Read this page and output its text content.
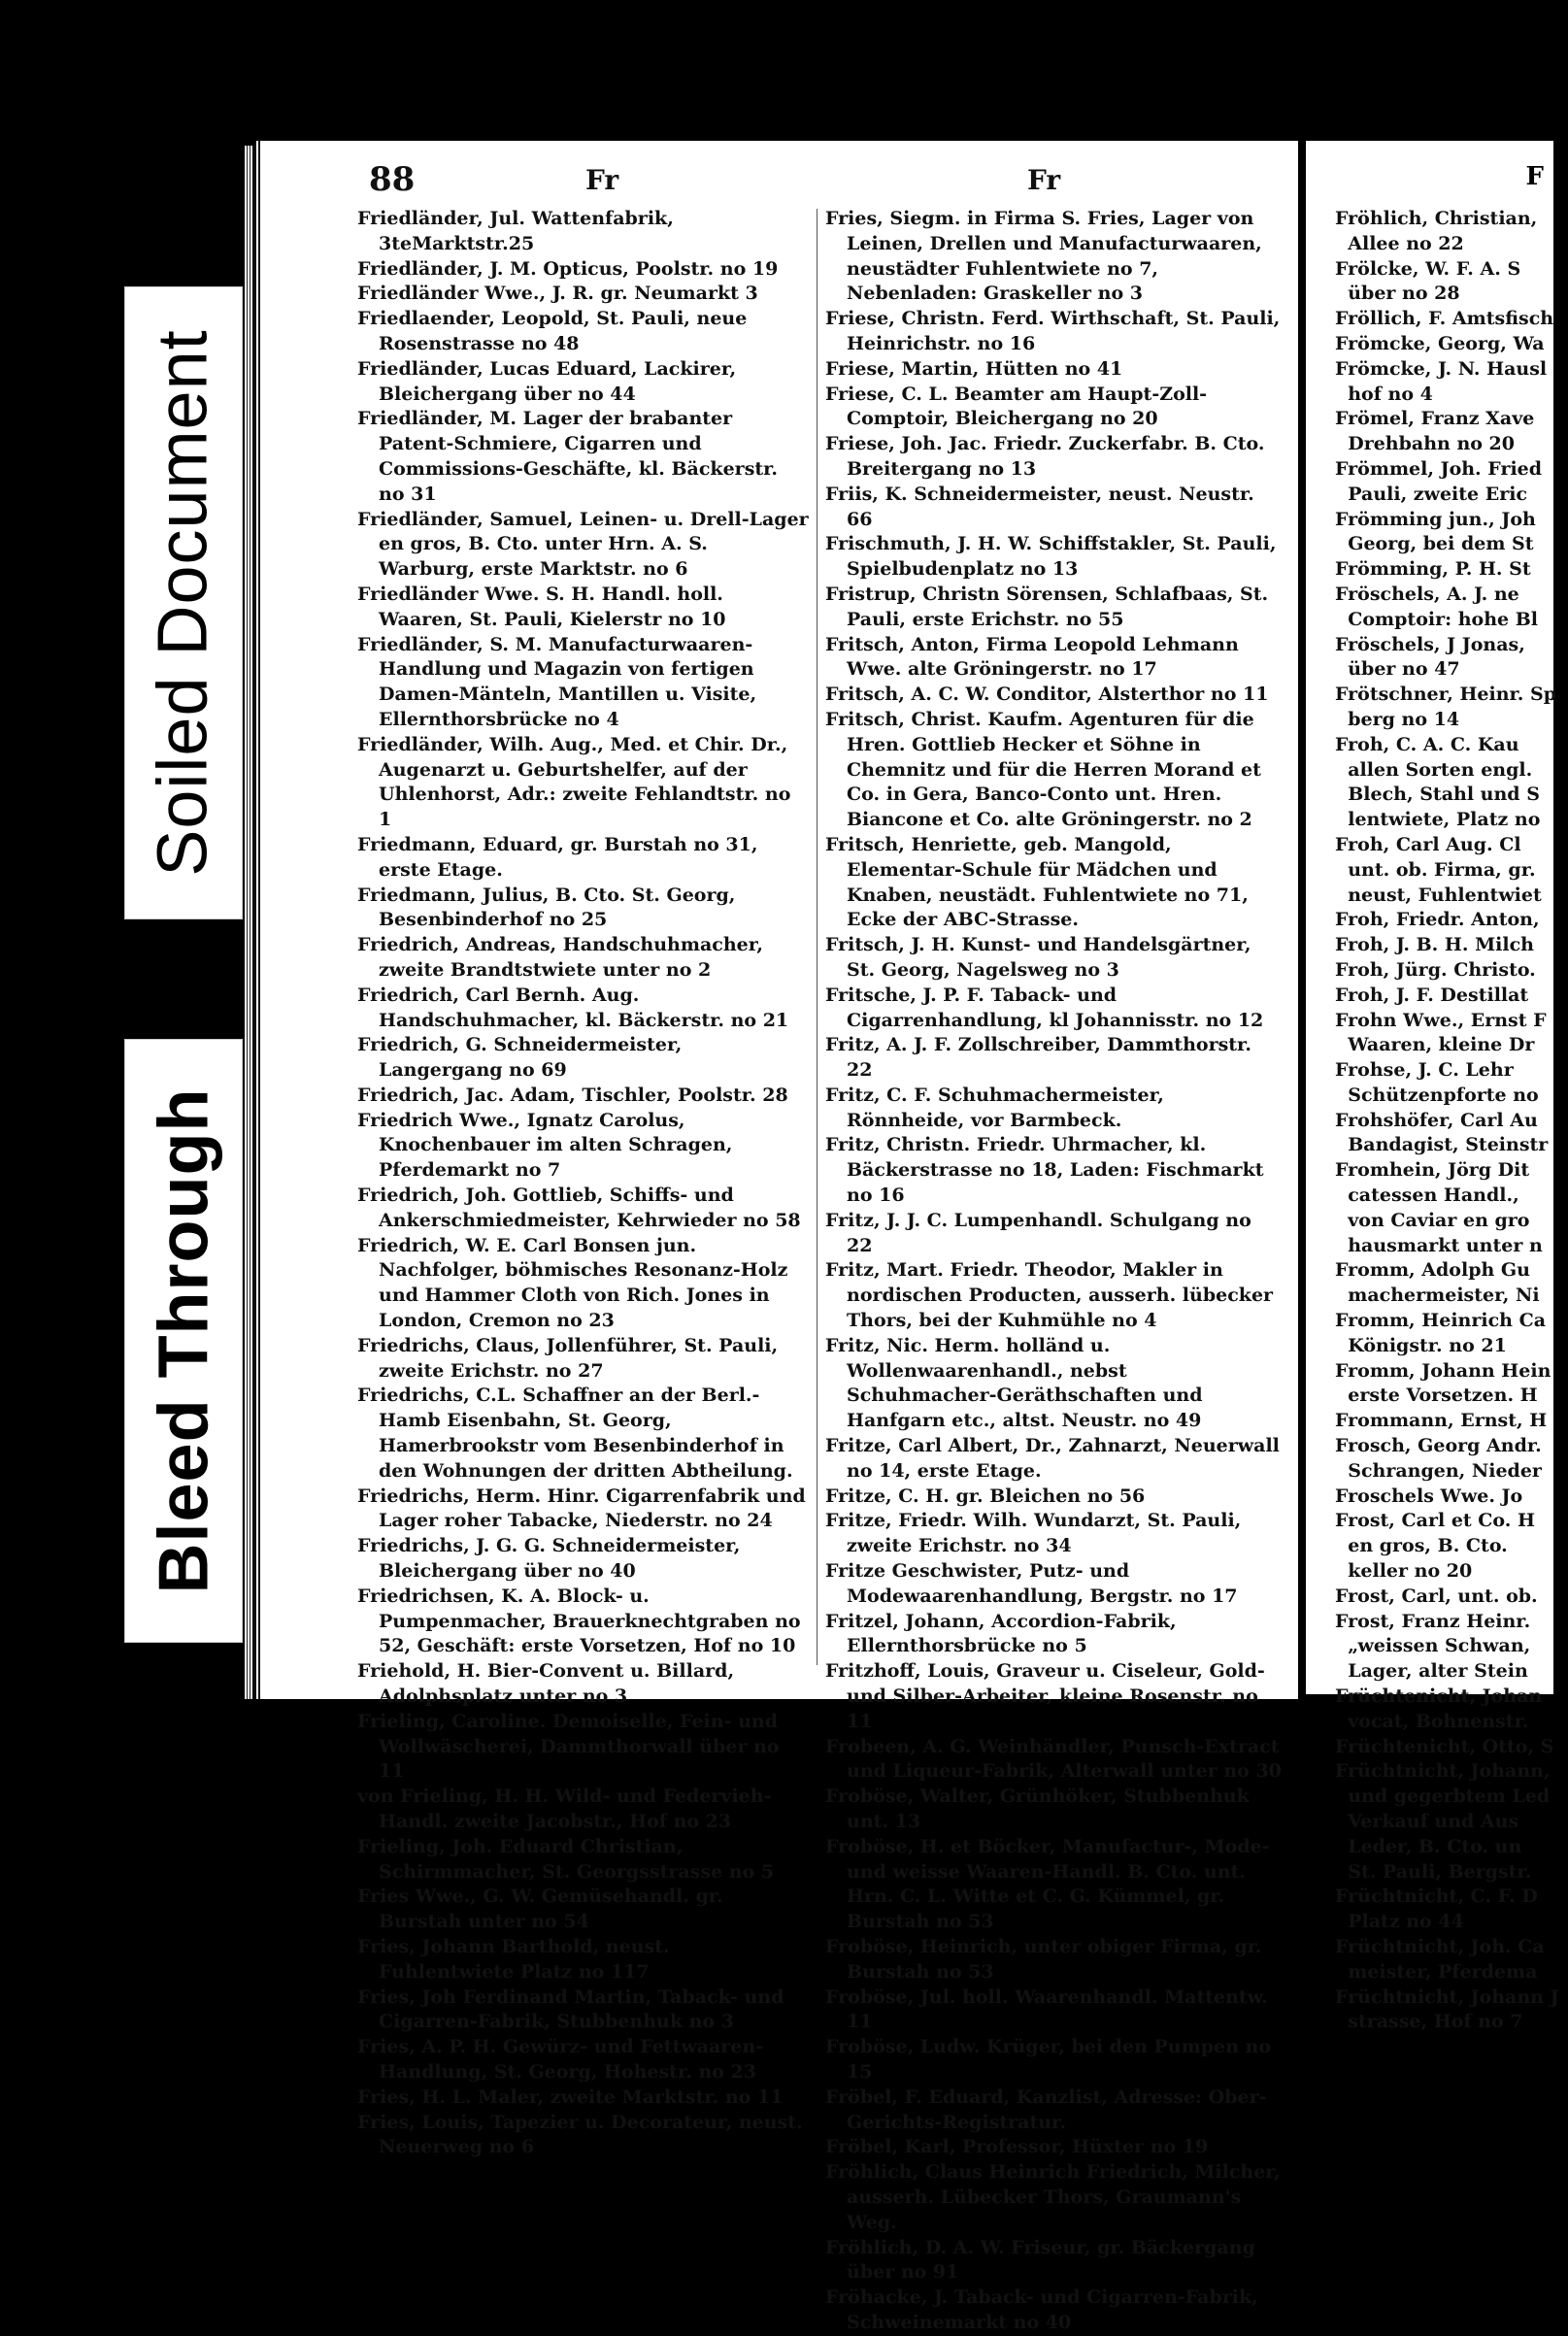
Soiled Document
Bleed Through
88	Fr	Fr

Friedländer, Jul. Wattenfabrik, 3teMarktstr.25

Friedländer, J. M. Opticus, Poolstr. no 19

Friedländer Wwe., J. R. gr. Neumarkt 3

Friedlaender, Leopold, St. Pauli, neue Rosenstrasse no 48

Friedländer, Lucas Eduard, Lackirer, Bleichergang über no 44

Friedländer, M. Lager der brabanter Patent-Schmiere, Cigarren und Commissions-Geschäfte, kl. Bäckerstr. no 31

Friedländer, Samuel, Leinen- u. Drell-Lager en gros, B. Cto. unter Hrn. A. S. Warburg, erste Marktstr. no 6

Friedländer Wwe. S. H. Handl. holl. Waaren, St. Pauli, Kielerstr no 10

Friedländer, S. M. Manufacturwaaren-Handlung und Magazin von fertigen Damen-Mänteln, Mantillen u. Visite, Ellernthorsbrücke no 4

Friedländer, Wilh. Aug., Med. et Chir. Dr., Augenarzt u. Geburtshelfer, auf der Uhlenhorst, Adr.: zweite Fehlandtstr. no 1

Friedmann, Eduard, gr. Burstah no 31, erste Etage.

Friedmann, Julius, B. Cto. St. Georg, Besenbinderhof no 25

Friedrich, Andreas, Handschuhmacher, zweite Brandtstwiete unter no 2

Friedrich, Carl Bernh. Aug. Handschuhmacher, kl. Bäckerstr. no 21

Friedrich, G. Schneidermeister, Langergang no 69

Friedrich, Jac. Adam, Tischler, Poolstr. 28

Friedrich Wwe., Ignatz Carolus, Knochenbauer im alten Schragen, Pferdemarkt no 7

Friedrich, Joh. Gottlieb, Schiffs- und Ankerschmiedmeister, Kehrwieder no 58

Friedrich, W. E. Carl Bonsen jun. Nachfolger, böhmisches Resonanz-Holz und Hammer Cloth von Rich. Jones in London, Cremon no 23

Friedrichs, Claus, Jollenführer, St. Pauli, zweite Erichstr. no 27

Friedrichs, C.L. Schaffner an der Berl.-Hamb Eisenbahn, St. Georg, Hamerbrookstr vom Besenbinderhof in den Wohnungen der dritten Abtheilung.

Friedrichs, Herm. Hinr. Cigarrenfabrik und Lager roher Tabacke, Niederstr. no 24

Friedrichs, J. G. G. Schneidermeister, Bleichergang über no 40

Friedrichsen, K. A. Block- u. Pumpenmacher, Brauerknechtgraben no 52, Geschäft: erste Vorsetzen, Hof no 10

Friehold, H. Bier-Convent u. Billard, Adolphsplatz unter no 3

Frieling, Caroline. Demoiselle, Fein- und Wollwäscherei, Dammthorwall über no 11

von Frieling, H. H. Wild- und Federvieh-Handl. zweite Jacobstr., Hof no 23

Frieling, Joh. Eduard Christian, Schirmmacher, St. Georgsstrasse no 5

Fries Wwe., G. W. Gemüsehandl. gr. Burstah unter no 54

Fries, Johann Barthold, neust. Fuhlentwiete Platz no 117

Fries, Joh Ferdinand Martin, Taback- und Cigarren-Fabrik, Stubbenhuk no 3

Fries, A. P. H. Gewürz- und Fettwaaren-Handlung, St. Georg, Hohestr. no 23

Fries, H. L. Maler, zweite Marktstr. no 11

Fries, Louis, Tapezier u. Decorateur, neust. Neuerweg no 6

Fries, Siegm. in Firma S. Fries, Lager von Leinen, Drellen und Manufacturwaaren, neustädter Fuhlentwiete no 7, Nebenladen: Graskeller no 3

Friese, Christn. Ferd. Wirthschaft, St. Pauli, Heinrichstr. no 16

Friese, Martin, Hütten no 41

Friese, C. L. Beamter am Haupt-Zoll-Comptoir, Bleichergang no 20

Friese, Joh. Jac. Friedr. Zuckerfabr. B. Cto. Breitergang no 13

Friis, K. Schneidermeister, neust. Neustr. 66

Frischmuth, J. H. W. Schiffstakler, St. Pauli, Spielbudenplatz no 13

Fristrup, Christn Sörensen, Schlafbaas, St. Pauli, erste Erichstr. no 55

Fritsch, Anton, Firma Leopold Lehmann Wwe. alte Gröningerstr. no 17

Fritsch, A. C. W. Conditor, Alsterthor no 11

Fritsch, Christ. Kaufm. Agenturen für die Hren. Gottlieb Hecker et Söhne in Chemnitz und für die Herren Morand et Co. in Gera, Banco-Conto unt. Hren. Biancone et Co. alte Gröningerstr. no 2

Fritsch, Henriette, geb. Mangold, Elementar-Schule für Mädchen und Knaben, neustädt. Fuhlentwiete no 71, Ecke der ABC-Strasse.

Fritsch, J. H. Kunst- und Handelsgärtner, St. Georg, Nagelsweg no 3

Fritsche, J. P. F. Taback- und Cigarrenhandlung, kl Johannisstr. no 12

Fritz, A. J. F. Zollschreiber, Dammthorstr. 22

Fritz, C. F. Schuhmachermeister, Rönnheide, vor Barmbeck.

Fritz, Christn. Friedr. Uhrmacher, kl. Bäckerstrasse no 18, Laden: Fischmarkt no 16

Fritz, J. J. C. Lumpenhandl. Schulgang no 22

Fritz, Mart. Friedr. Theodor, Makler in nordischen Producten, ausserh. lübecker Thors, bei der Kuhmühle no 4

Fritz, Nic. Herm. holländ u. Wollenwaarenhandl., nebst Schuhmacher-Geräthschaften und Hanfgarn etc., altst. Neustr. no 49

Fritze, Carl Albert, Dr., Zahnarzt, Neuerwall no 14, erste Etage.

Fritze, C. H. gr. Bleichen no 56

Fritze, Friedr. Wilh. Wundarzt, St. Pauli, zweite Erichstr. no 34

Fritze Geschwister, Putz- und Modewaarenhandlung, Bergstr. no 17

Fritzel, Johann, Accordion-Fabrik, Ellernthorsbrücke no 5

Fritzhoff, Louis, Graveur u. Ciseleur, Gold- und Silber-Arbeiter, kleine Rosenstr. no 11

Frobeen, A. G. Weinhändler, Punsch-Extract und Liqueur-Fabrik, Alterwall unter no 30

Froböse, Walter, Grünhöker, Stubbenhuk unt. 13

Froböse, H. et Böcker, Manufactur-, Mode- und weisse Waaren-Handl. B. Cto. unt. Hrn. C. L. Witte et C. G. Kümmel, gr. Burstah no 53

Froböse, Heinrich, unter obiger Firma, gr. Burstah no 53

Froböse, Jul. holl. Waarenhandl. Mattentw. 11

Froböse, Ludw. Krüger, bei den Pumpen no 15

Fröbel, F. Eduard, Kanzlist, Adresse: Ober-Gerichts-Registratur.

Fröbel, Karl, Professor, Hüxter no 19

Fröhlich, Claus Heinrich Friedrich, Milcher, ausserh. Lübecker Thors, Graumann's Weg.

Fröhlich, D. A. W. Friseur, gr. Bäckergang über no 91

Fröhacke, J. Taback- und Cigarren-Fabrik, Schweinemarkt no 40

F
Fröhlich, Christian,
Allee no 22
Frölcke, W. F. A. S
über no 28
Fröllich, F. Amtsfisch
Frömcke, Georg, Wa
Frömcke, J. N. Hausl
hof no 4
Frömel, Franz Xave
Drehbahn no 20
Frömmel, Joh. Fried
Pauli, zweite Eric
Frömming jun., Joh
Georg, bei dem St
Frömming, P. H. St
Fröschels, A. J. ne
Comptoir: hohe Bl
Fröschels, J Jonas,
über no 47
Frötschner, Heinr. Sp
berg no 14
Froh, C. A. C. Kau
allen Sorten engl.
Blech, Stahl und S
lentwiete, Platz no
Froh, Carl Aug. Cl
unt. ob. Firma, gr.
neust, Fuhlentwiet
Froh, Friedr. Anton,
Froh, J. B. H. Milch
Froh, Jürg. Christo.
Froh, J. F. Destillat
Frohn Wwe., Ernst F
Waaren, kleine Dr
Frohse, J. C. Lehr
Schützenpforte no
Frohshöfer, Carl Au
Bandagist, Steinstr
Fromhein, Jörg Dit
catessen Handl.,
von Caviar en gro
hausmarkt unter n
Fromm, Adolph Gu
machermeister, Ni
Fromm, Heinrich Ca
Königstr. no 21
Fromm, Johann Hein
erste Vorsetzen. H
Frommann, Ernst, H
Frosch, Georg Andr.
Schrangen, Nieder
Froschels Wwe. Jo
Frost, Carl et Co. H
en gros, B. Cto.
keller no 20
Frost, Carl, unt. ob.
Frost, Franz Heinr.
„weissen Schwan,
Lager, alter Stein
Früchtenicht, Johan
vocat, Bohnenstr.
Früchtenicht, Otto, S
Früchtnicht, Johann,
und gegerbtem Led
Verkauf und Aus
Leder, B. Cto. un
St. Pauli, Bergstr.
Früchtnicht, C. F. D
Platz no 44
Früchtnicht, Joh. Ca
meister, Pferdema
Früchtnicht, Johann J
strasse, Hof no 7
